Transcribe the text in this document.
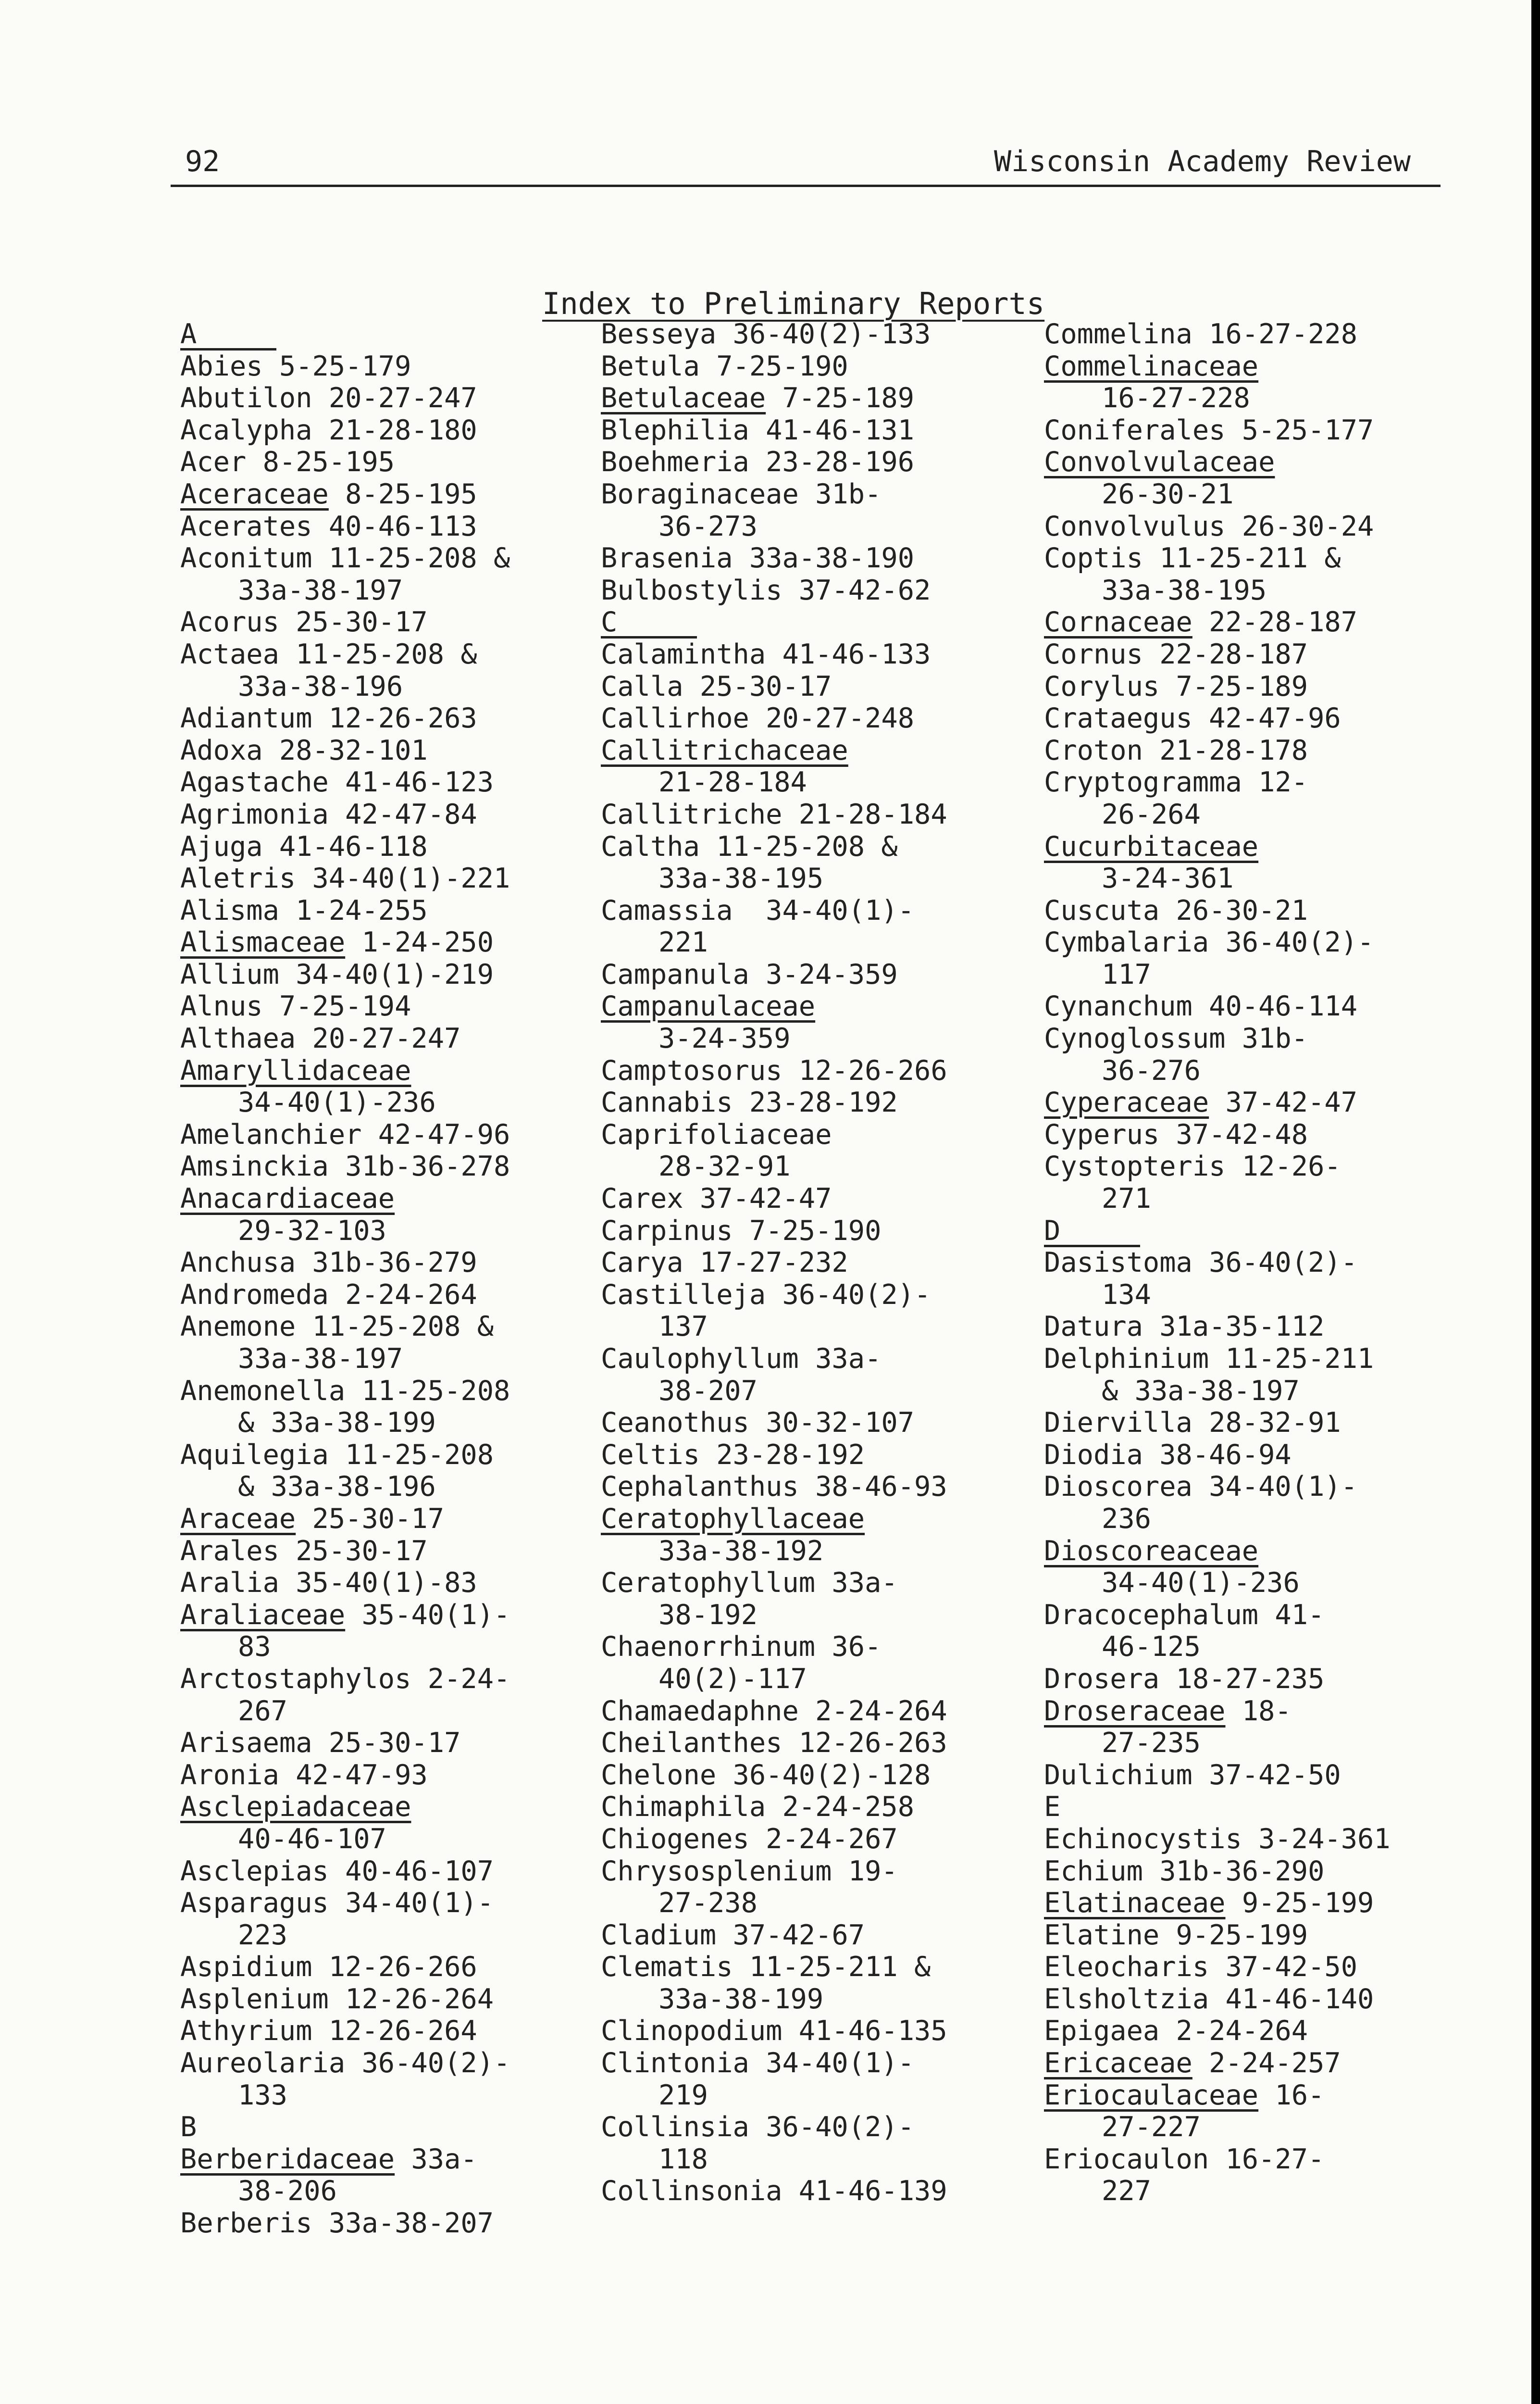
92	Wisconsin Academy Review
Index to Preliminary Reports
A
Abies 5-25-179
Abutilon 20-27-247
Acalypha 21-28-180
Acer 8-25-195
Aceraceae 8-25-195
Acerates 40-46-113
Aconitum 11-25-208 &
33a-38-197
Acorus 25-30-17
Actaea 11-25-208 &
33a-38-196
Adiantum 12-26-263
Adoxa 28-32-101
Agastache 41-46-123
Agrimonia 42-47-84
Ajuga 41-46-118
Aletris 34-40(1)-221
Alisma 1-24-255
Alismaceae 1-24-250
Allium 34-40(1)-219
Alnus 7-25-194
Althaea 20-27-247
Amaryllidaceae
34-40(1)-236
Amelanchier 42-47-96
Amsinckia 31b-36-278
Anacardiaceae
29-32-103
Anchusa 31b-36-279
Andromeda 2-24-264
Anemone 11-25-208 &
33a-38-197
Anemonella 11-25-208
& 33a-38-199
Aquilegia 11-25-208
& 33a-38-196
Araceae 25-30-17
Arales 25-30-17
Aralia 35-40(1)-83
Araliaceae 35-40(1)-
83
Arctostaphylos 2-24-
267
Arisaema 25-30-17
Aronia 42-47-93
Asclepiadaceae
40-46-107
Asclepias 40-46-107
Asparagus 34-40(1)-
223
Aspidium 12-26-266
Asplenium 12-26-264
Athyrium 12-26-264
Aureolaria 36-40(2)-
133
B
Berberidaceae 33a-
38-206
Berberis 33a-38-207
Besseya 36-40(2)-133
Betula 7-25-190
Betulaceae 7-25-189
Blephilia 41-46-131
Boehmeria 23-28-196
Boraginaceae 31b-
36-273
Brasenia 33a-38-190
Bulbostylis 37-42-62
C
Calamintha 41-46-133
Calla 25-30-17
Callirhoe 20-27-248
Callitrichaceae
21-28-184
Callitriche 21-28-184
Caltha 11-25-208 &
33a-38-195
Camassia  34-40(1)-
221
Campanula 3-24-359
Campanulaceae
3-24-359
Camptosorus 12-26-266
Cannabis 23-28-192
Caprifoliaceae
28-32-91
Carex 37-42-47
Carpinus 7-25-190
Carya 17-27-232
Castilleja 36-40(2)-
137
Caulophyllum 33a-
38-207
Ceanothus 30-32-107
Celtis 23-28-192
Cephalanthus 38-46-93
Ceratophyllaceae
33a-38-192
Ceratophyllum 33a-
38-192
Chaenorrhinum 36-
40(2)-117
Chamaedaphne 2-24-264
Cheilanthes 12-26-263
Chelone 36-40(2)-128
Chimaphila 2-24-258
Chiogenes 2-24-267
Chrysosplenium 19-
27-238
Cladium 37-42-67
Clematis 11-25-211 &
33a-38-199
Clinopodium 41-46-135
Clintonia 34-40(1)-
219
Collinsia 36-40(2)-
118
Collinsonia 41-46-139
Commelina 16-27-228
Commelinaceae
16-27-228
Coniferales 5-25-177
Convolvulaceae
26-30-21
Convolvulus 26-30-24
Coptis 11-25-211 &
33a-38-195
Cornaceae 22-28-187
Cornus 22-28-187
Corylus 7-25-189
Crataegus 42-47-96
Croton 21-28-178
Cryptogramma 12-
26-264
Cucurbitaceae
3-24-361
Cuscuta 26-30-21
Cymbalaria 36-40(2)-
117
Cynanchum 40-46-114
Cynoglossum 31b-
36-276
Cyperaceae 37-42-47
Cyperus 37-42-48
Cystopteris 12-26-
271
D
Dasistoma 36-40(2)-
134
Datura 31a-35-112
Delphinium 11-25-211
& 33a-38-197
Diervilla 28-32-91
Diodia 38-46-94
Dioscorea 34-40(1)-
236
Dioscoreaceae
34-40(1)-236
Dracocephalum 41-
46-125
Drosera 18-27-235
Droseraceae 18-
27-235
Dulichium 37-42-50
E
Echinocystis 3-24-361
Echium 31b-36-290
Elatinaceae 9-25-199
Elatine 9-25-199
Eleocharis 37-42-50
Elsholtzia 41-46-140
Epigaea 2-24-264
Ericaceae 2-24-257
Eriocaulaceae 16-
27-227
Eriocaulon 16-27-
227
